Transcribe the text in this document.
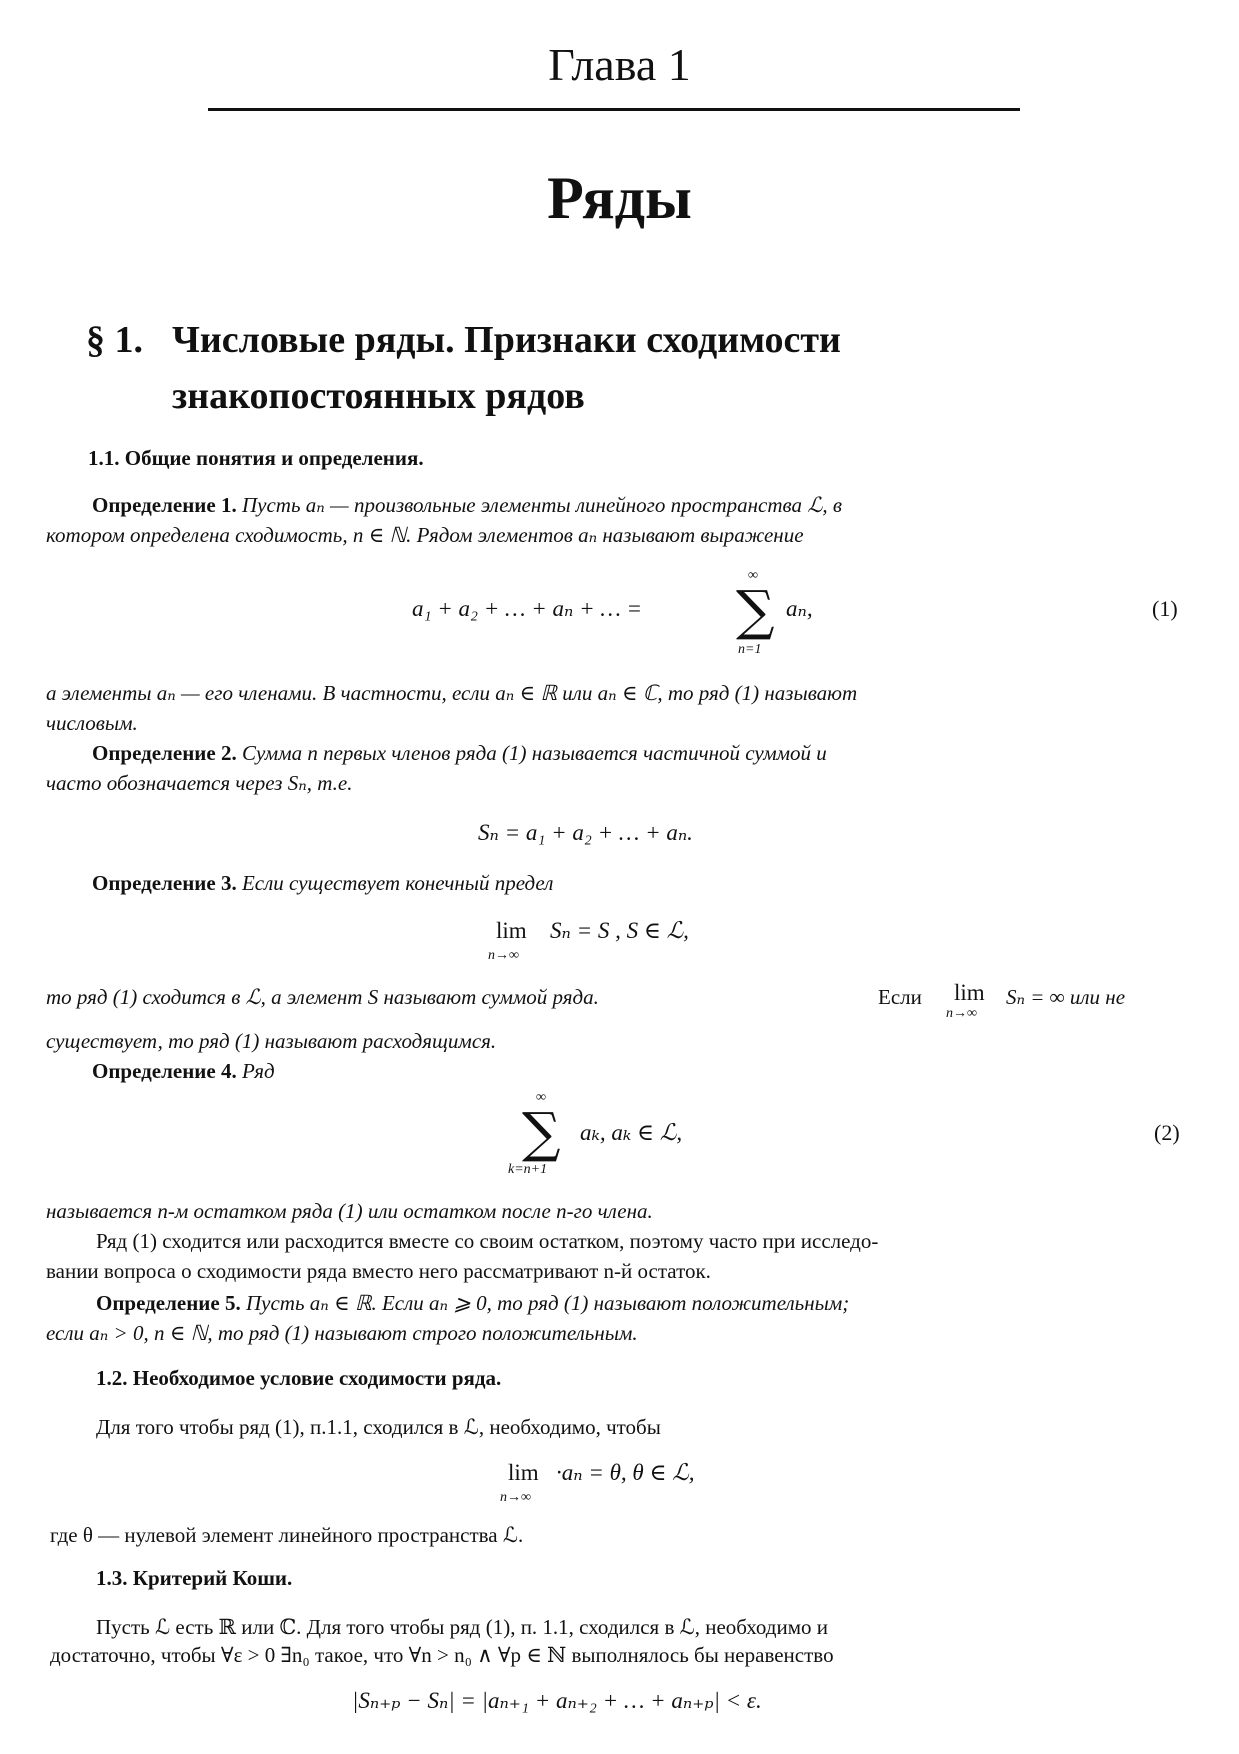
Глава 1
Ряды
§ 1. Числовые ряды. Признаки сходимости
знакопостоянных рядов
1.1. Общие понятия и определения.
Определение 1. Пусть aₙ — произвольные элементы линейного пространства ℒ, в
котором определена сходимость, n ∈ ℕ. Рядом элементов aₙ называют выражение
a₁ + a₂ + … + aₙ + … =
∞
∑
n=1
aₙ,	(1)
а элементы aₙ — его членами. В частности, если aₙ ∈ ℝ или aₙ ∈ ℂ, то ряд (1) называют
числовым.
Определение 2. Сумма n первых членов ряда (1) называется частичной суммой и
часто обозначается через Sₙ, т.е.
Sₙ = a₁ + a₂ + … + aₙ.
Определение 3. Если существует конечный предел
lim
n→∞
Sₙ = S , S ∈ ℒ,
то ряд (1) сходится в ℒ, а элемент S называют суммой ряда.	Если lim
n→∞
Sₙ = ∞ или не
существует, то ряд (1) называют расходящимся.
Определение 4. Ряд
∞
∑
k=n+1
aₖ, aₖ ∈ ℒ,	(2)
называется n-м остатком ряда (1) или остатком после n-го члена.
Ряд (1) сходится или расходится вместе со своим остатком, поэтому часто при исследо-
вании вопроса о сходимости ряда вместо него рассматривают n-й остаток.
Определение 5. Пусть aₙ ∈ ℝ. Если aₙ ⩾ 0, то ряд (1) называют положительным;
если aₙ > 0, n ∈ ℕ, то ряд (1) называют строго положительным.
1.2. Необходимое условие сходимости ряда.
Для того чтобы ряд (1), п.1.1, сходился в ℒ, необходимо, чтобы
lim
n→∞
·aₙ = θ, θ ∈ ℒ,
где θ — нулевой элемент линейного пространства ℒ.
1.3. Критерий Коши.
Пусть ℒ есть ℝ или ℂ. Для того чтобы ряд (1), п. 1.1, сходился в ℒ, необходимо и
достаточно, чтобы ∀ε > 0 ∃n₀ такое, что ∀n > n₀ ∧ ∀p ∈ ℕ выполнялось бы неравенство
|Sₙ₊ₚ − Sₙ| = |aₙ₊₁ + aₙ₊₂ + … + aₙ₊ₚ| < ε.
